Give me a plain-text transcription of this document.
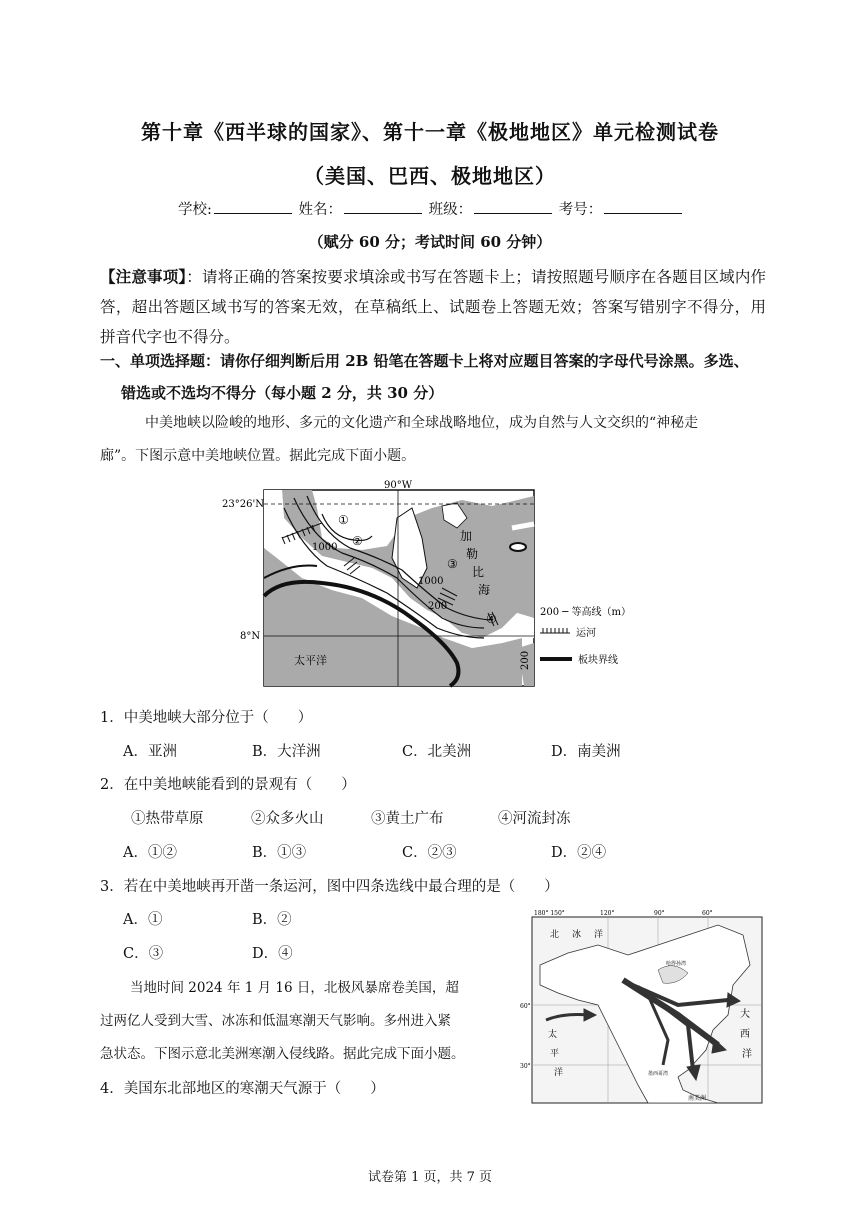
第十章《西半球的国家》、第十一章《极地地区》单元检测试卷
（美国、巴西、极地地区）
学校:	姓名：	班级：	考号：
（赋分 60 分；考试时间 60 分钟）
【注意事项】：请将正确的答案按要求填涂或书写在答题卡上；请按照题号顺序在各题目区域内作答，超出答题区域书写的答案无效，在草稿纸上、试题卷上答题无效；答案写错别字不得分，用拼音代字也不得分。
一、单项选择题：请你仔细判断后用 2B 铅笔在答题卡上将对应题目答案的字母代号涂黑。多选、
错选或不选均不得分（每小题 2 分，共 30 分）
中美地峡以险峻的地形、多元的文化遗产和全球战略地位，成为自然与人文交织的“神秘走
廊”。下图示意中美地峡位置。据此完成下面小题。
①
②
③
④
1000
1000
200
200
加
勒
比
海
太平洋
90°W
23°26'N
8°N
200 ─ 等高线（m）
运河
板块界线
1．中美地峡大部分位于（　　）
A．亚洲	B．大洋洲	C．北美洲	D．南美洲
2．在中美地峡能看到的景观有（　　）
①热带草原	②众多火山	③黄土广布	④河流封冻
A．①②	B．①③	C．②③	D．②④
3．若在中美地峡再开凿一条运河，图中四条选线中最合理的是（　　）
A．①	B．②
C．③	D．④
当地时间 2024 年 1 月 16 日，北极风暴席卷美国，超
过两亿人受到大雪、冰冻和低温寒潮天气影响。多州进入紧
急状态。下图示意北美洲寒潮入侵线路。据此完成下面小题。
4．美国东北部地区的寒潮天气源于（　　）
180° 150°	120°	90°	60°
北　冰　洋
60°
30°
太
平
洋
大
西
洋
哈得孙湾
墨西哥湾
南美洲
试卷第 1 页，共 7 页
